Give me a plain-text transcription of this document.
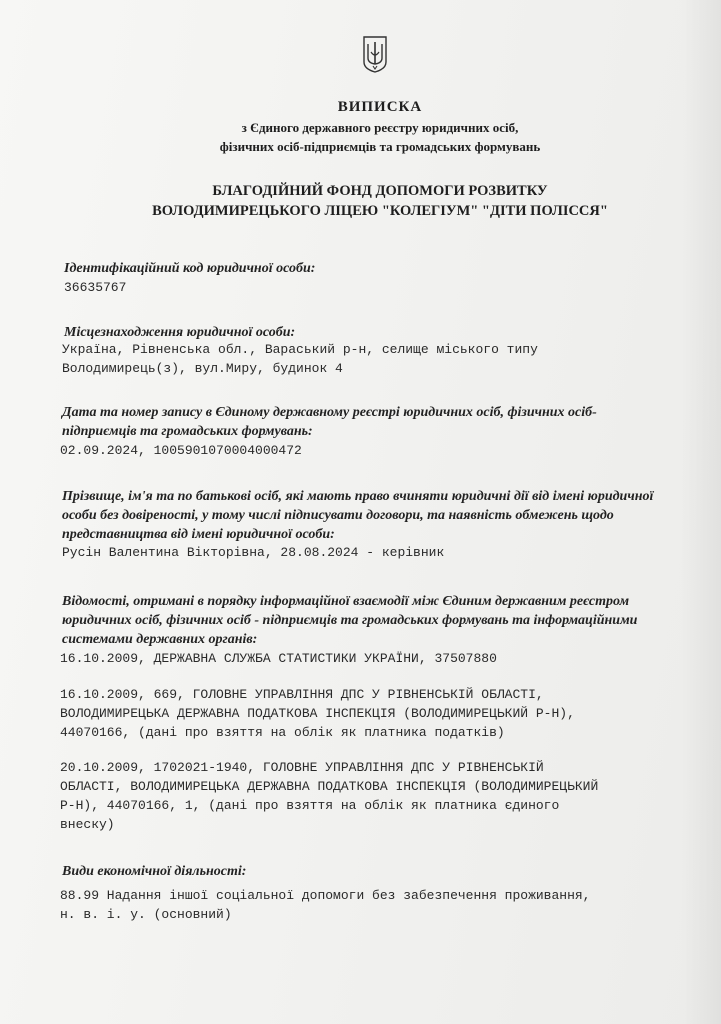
ВИПИСКА
з Єдиного державного реєстру юридичних осіб,
фізичних осіб-підприємців та громадських формувань
БЛАГОДІЙНИЙ ФОНД ДОПОМОГИ РОЗВИТКУ
ВОЛОДИМИРЕЦЬКОГО ЛІЦЕЮ "КОЛЕГІУМ" "ДІТИ ПОЛІССЯ"
Ідентифікаційний код юридичної особи:
36635767
Місцезнаходження юридичної особи:
Україна, Рівненська обл., Вараський р-н, селище міського типу
Володимирець(з), вул.Миру, будинок 4
Дата та номер запису в Єдиному державному реєстрі юридичних осіб, фізичних осіб-
підприємців та громадських формувань:
02.09.2024, 1005901070004000472
Прізвище, ім'я та по батькові осіб, які мають право вчиняти юридичні дії від імені юридичної
особи без довіреності, у тому числі підписувати договори, та наявність обмежень щодо
представництва від імені юридичної особи:
Русін Валентина Вікторівна, 28.08.2024 - керівник
Відомості, отримані в порядку інформаційної взаємодії між Єдиним державним реєстром
юридичних осіб, фізичних осіб - підприємців та громадських формувань та інформаційними
системами державних органів:
16.10.2009, ДЕРЖАВНА СЛУЖБА СТАТИСТИКИ УКРАЇНИ, 37507880
16.10.2009, 669, ГОЛОВНЕ УПРАВЛІННЯ ДПС У РІВНЕНСЬКІЙ ОБЛАСТІ,
ВОЛОДИМИРЕЦЬКА ДЕРЖАВНА ПОДАТКОВА ІНСПЕКЦІЯ (ВОЛОДИМИРЕЦЬКИЙ Р-Н),
44070166, (дані про взяття на облік як платника податків)
20.10.2009, 1702021-1940, ГОЛОВНЕ УПРАВЛІННЯ ДПС У РІВНЕНСЬКІЙ
ОБЛАСТІ, ВОЛОДИМИРЕЦЬКА ДЕРЖАВНА ПОДАТКОВА ІНСПЕКЦІЯ (ВОЛОДИМИРЕЦЬКИЙ
Р-Н), 44070166, 1, (дані про взяття на облік як платника єдиного
внеску)
Види економічної діяльності:
88.99 Надання іншої соціальної допомоги без забезпечення проживання,
н. в. і. у. (основний)
